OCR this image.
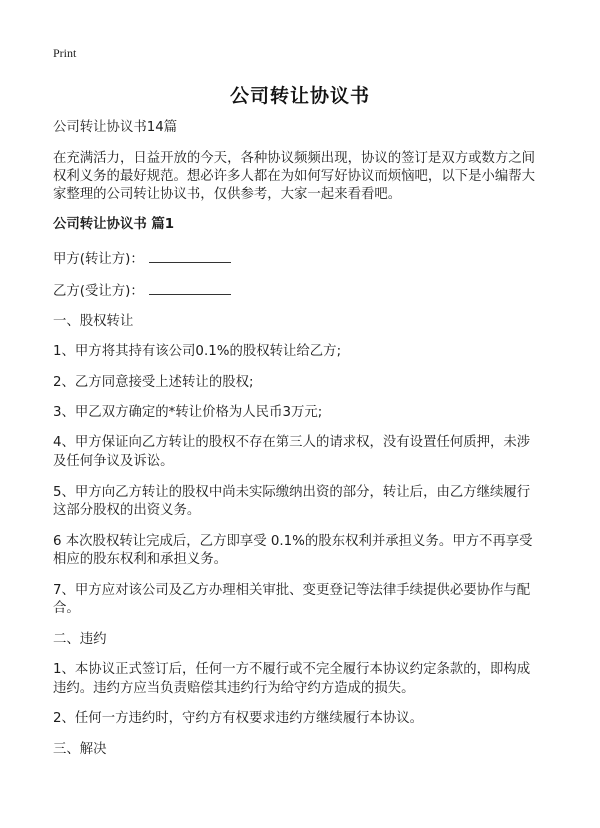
Print
公司转让协议书

公司转让协议书14篇

在充满活力，日益开放的今天，各种协议频频出现，协议的签订是双方或数方之间

权利义务的最好规范。想必许多人都在为如何写好协议而烦恼吧，以下是小编帮大

家整理的公司转让协议书，仅供参考，大家一起来看看吧。

公司转让协议书 篇1

甲方(转让方)：

乙方(受让方)：

一、股权转让

1、甲方将其持有该公司0.1%的股权转让给乙方;

2、乙方同意接受上述转让的股权;

3、甲乙双方确定的*转让价格为人民币3万元;

4、甲方保证向乙方转让的股权不存在第三人的请求权，没有设置任何质押，未涉

及任何争议及诉讼。

5、甲方向乙方转让的股权中尚未实际缴纳出资的部分，转让后，由乙方继续履行

这部分股权的出资义务。

6 本次股权转让完成后，乙方即享受 0.1%的股东权利并承担义务。甲方不再享受

相应的股东权利和承担义务。

7、甲方应对该公司及乙方办理相关审批、变更登记等法律手续提供必要协作与配

合。

二、违约

1、本协议正式签订后，任何一方不履行或不完全履行本协议约定条款的，即构成

违约。违约方应当负责赔偿其违约行为给守约方造成的损失。

2、任何一方违约时，守约方有权要求违约方继续履行本协议。

三、解决
